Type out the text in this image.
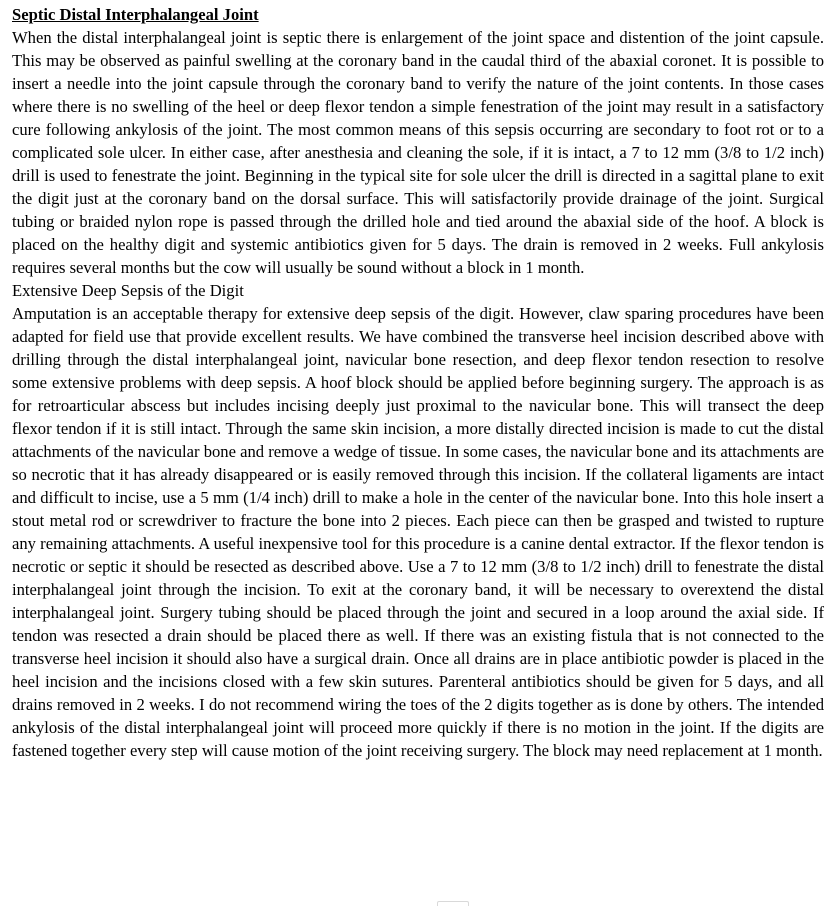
Septic Distal Interphalangeal Joint

When the distal interphalangeal joint is septic there is enlargement of the joint space and distention of the joint capsule. This may be observed as painful swelling at the coronary band in the caudal third of the abaxial coronet. It is possible to insert a needle into the joint capsule through the coronary band to verify the nature of the joint contents. In those cases where there is no swelling of the heel or deep flexor tendon a simple fenestration of the joint may result in a satisfactory cure following ankylosis of the joint. The most common means of this sepsis occurring are secondary to foot rot or to a complicated sole ulcer. In either case, after anesthesia and cleaning the sole, if it is intact, a 7 to 12 mm (3/8 to 1/2 inch) drill is used to fenestrate the joint. Beginning in the typical site for sole ulcer the drill is directed in a sagittal plane to exit the digit just at the coronary band on the dorsal surface. This will satisfactorily provide drainage of the joint. Surgical tubing or braided nylon rope is passed through the drilled hole and tied around the abaxial side of the hoof. A block is placed on the healthy digit and systemic antibiotics given for 5 days. The drain is removed in 2 weeks. Full ankylosis requires several months but the cow will usually be sound without a block in 1 month.

Extensive Deep Sepsis of the Digit

Amputation is an acceptable therapy for extensive deep sepsis of the digit. However, claw sparing procedures have been adapted for field use that provide excellent results. We have combined the transverse heel incision described above with drilling through the distal interphalangeal joint, navicular bone resection, and deep flexor tendon resection to resolve some extensive problems with deep sepsis. A hoof block should be applied before beginning surgery. The approach is as for retroarticular abscess but includes incising deeply just proximal to the navicular bone. This will transect the deep flexor tendon if it is still intact. Through the same skin incision, a more distally directed incision is made to cut the distal attachments of the navicular bone and remove a wedge of tissue. In some cases, the navicular bone and its attachments are so necrotic that it has already disappeared or is easily removed through this incision. If the collateral ligaments are intact and difficult to incise, use a 5 mm (1/4 inch) drill to make a hole in the center of the navicular bone. Into this hole insert a stout metal rod or screwdriver to fracture the bone into 2 pieces. Each piece can then be grasped and twisted to rupture any remaining attachments. A useful inexpensive tool for this procedure is a canine dental extractor. If the flexor tendon is necrotic or septic it should be resected as described above. Use a 7 to 12 mm (3/8 to 1/2 inch) drill to fenestrate the distal interphalangeal joint through the incision. To exit at the coronary band, it will be necessary to overextend the distal interphalangeal joint. Surgery tubing should be placed through the joint and secured in a loop around the axial side. If tendon was resected a drain should be placed there as well. If there was an existing fistula that is not connected to the transverse heel incision it should also have a surgical drain. Once all drains are in place antibiotic powder is placed in the heel incision and the incisions closed with a few skin sutures. Parenteral antibiotics should be given for 5 days, and all drains removed in 2 weeks. I do not recommend wiring the toes of the 2 digits together as is done by others. The intended ankylosis of the distal interphalangeal joint will proceed more quickly if there is no motion in the joint. If the digits are fastened together every step will cause motion of the joint receiving surgery. The block may need replacement at 1 month.
